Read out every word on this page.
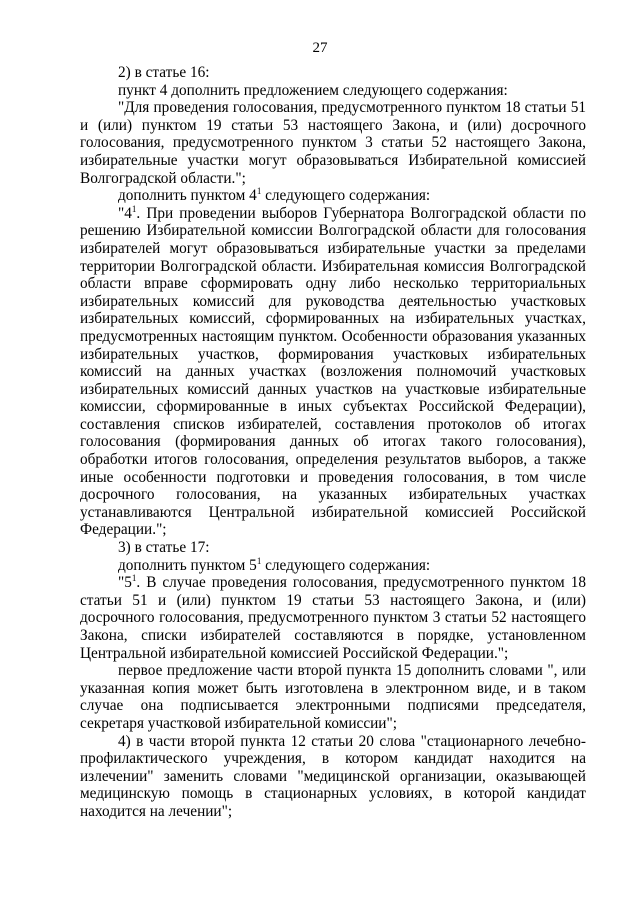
27

2) в статье 16:

пункт 4 дополнить предложением следующего содержания:

"Для проведения голосования, предусмотренного пунктом 18 статьи 51 и (или) пунктом 19 статьи 53 настоящего Закона, и (или) досрочного голосования, предусмотренного пунктом 3 статьи 52 настоящего Закона, избирательные участки могут образовываться Избирательной комиссией Волгоградской области.";

дополнить пунктом $4^1$ следующего содержания:

"$4^1$. При проведении выборов Губернатора Волгоградской области по решению Избирательной комиссии Волгоградской области для голосования избирателей могут образовываться избирательные участки за пределами территории Волгоградской области. Избирательная комиссия Волгоградской области вправе сформировать одну либо несколько территориальных избирательных комиссий для руководства деятельностью участковых избирательных комиссий, сформированных на избирательных участках, предусмотренных настоящим пунктом. Особенности образования указанных избирательных участков, формирования участковых избирательных комиссий на данных участках (возложения полномочий участковых избирательных комиссий данных участков на участковые избирательные комиссии, сформированные в иных субъектах Российской Федерации), составления списков избирателей, составления протоколов об итогах голосования (формирования данных об итогах такого голосования), обработки итогов голосования, определения результатов выборов, а также иные особенности подготовки и проведения голосования, в том числе досрочного голосования, на указанных избирательных участках устанавливаются Центральной избирательной комиссией Российской Федерации.";

3) в статье 17:

дополнить пунктом $5^1$ следующего содержания:

"$5^1$. В случае проведения голосования, предусмотренного пунктом 18 статьи 51 и (или) пунктом 19 статьи 53 настоящего Закона, и (или) досрочного голосования, предусмотренного пунктом 3 статьи 52 настоящего Закона, списки избирателей составляются в порядке, установленном Центральной избирательной комиссией Российской Федерации.";

первое предложение части второй пункта 15 дополнить словами ", или указанная копия может быть изготовлена в электронном виде, и в таком случае она подписывается электронными подписями председателя, секретаря участковой избирательной комиссии";

4) в части второй пункта 12 статьи 20 слова "стационарного лечебно-профилактического учреждения, в котором кандидат находится на излечении" заменить словами "медицинской организации, оказывающей медицинскую помощь в стационарных условиях, в которой кандидат находится на лечении";
